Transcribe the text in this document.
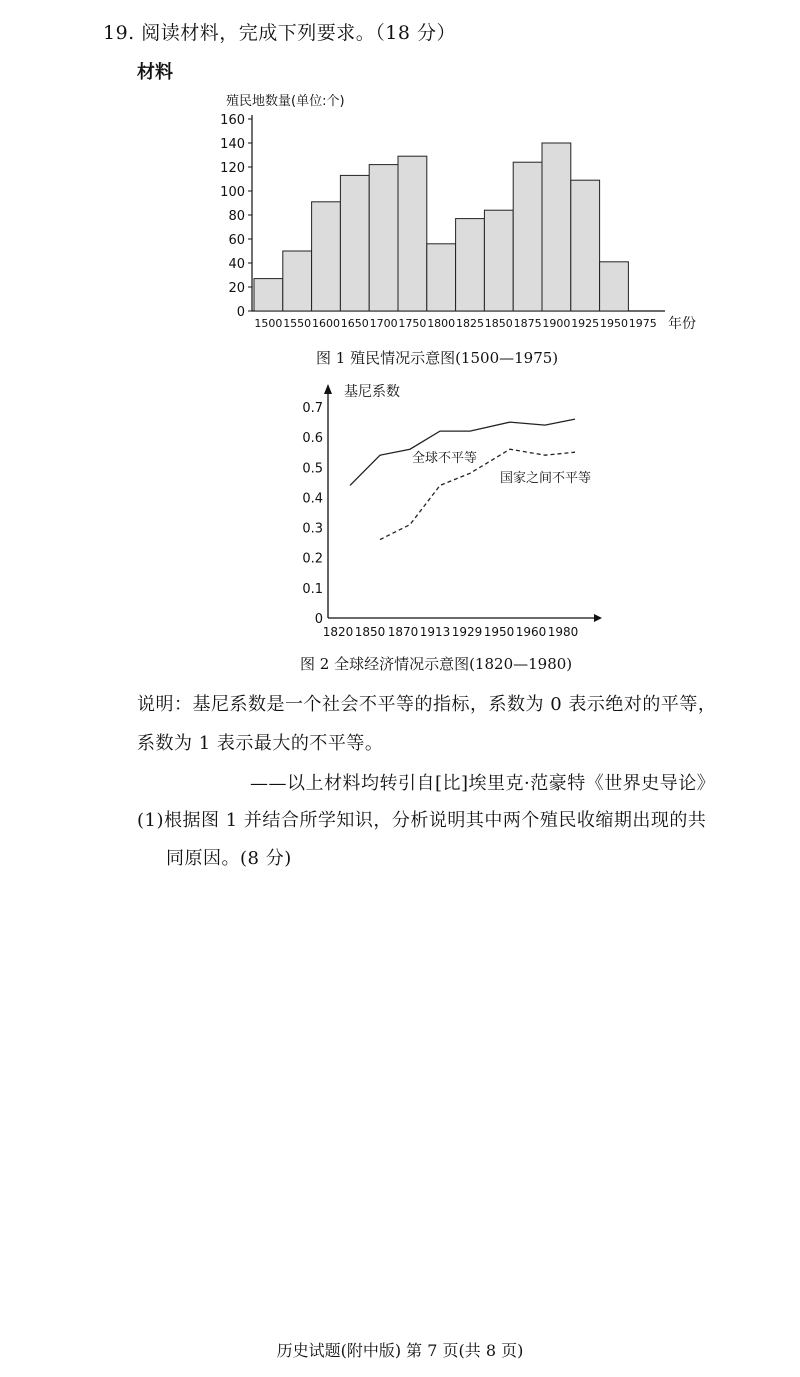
19. 阅读材料，完成下列要求。（18 分）
材料
殖民地数量(单位:个)
年份
0
20
40
60
80
100
120
140
160
1500 1550 1600 1650 1700 1750 1800 1825 1850 1875 1900 1925 1950 1975
图 1 殖民情况示意图(1500—1975)
基尼系数
0
0.1
0.2
0.3
0.4
0.5
0.6
0.7
1820 1850 1870 1913 1929 1950 1960 1980
全球不平等
国家之间不平等
图 2 全球经济情况示意图(1820—1980)
说明：基尼系数是一个社会不平等的指标，系数为 0 表示绝对的平等，
系数为 1 表示最大的不平等。
——以上材料均转引自[比]埃里克·范豪特《世界史导论》
(1)根据图 1 并结合所学知识，分析说明其中两个殖民收缩期出现的共
同原因。(8 分)
历史试题(附中版) 第 7 页(共 8 页)
